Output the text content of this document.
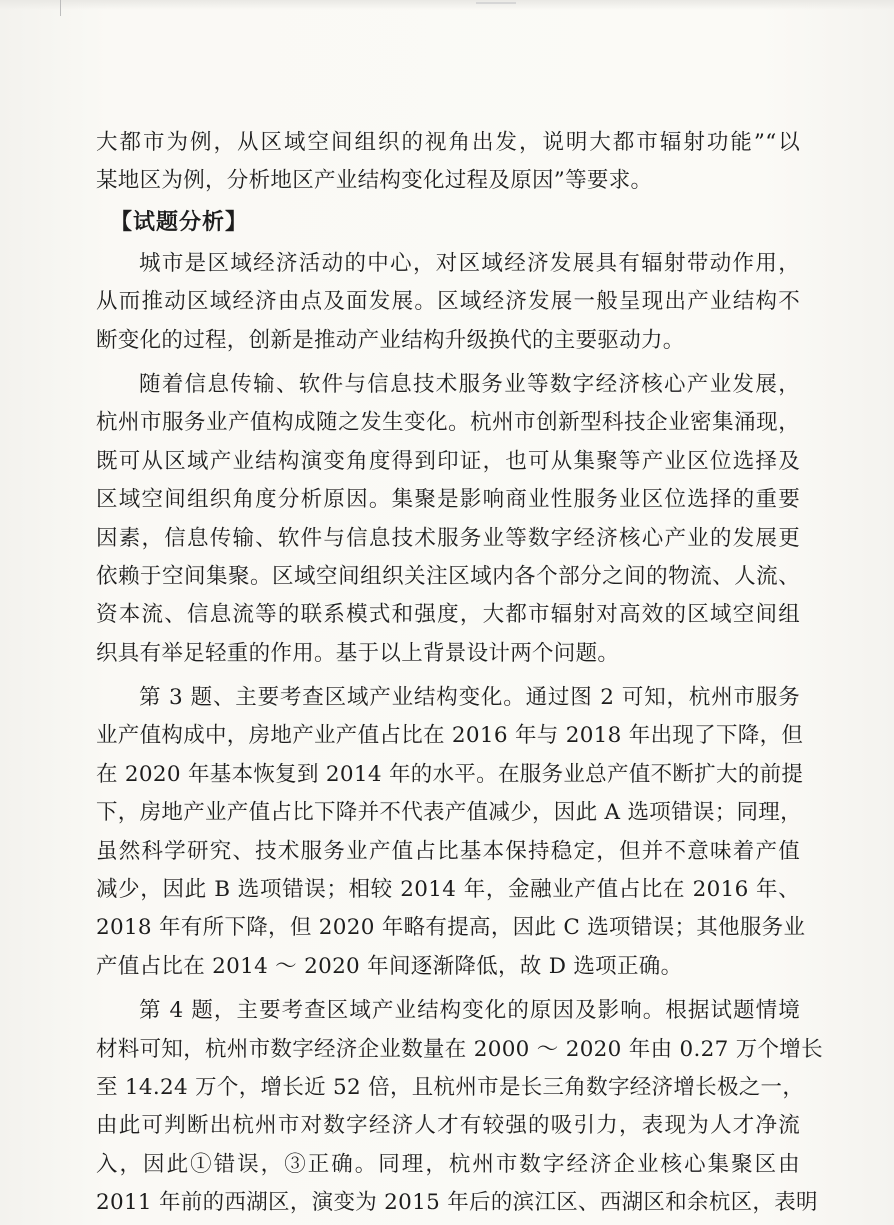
大都市为例，从区域空间组织的视角出发，说明大都市辐射功能”“以
某地区为例，分析地区产业结构变化过程及原因”等要求。
【试题分析】
城市是区域经济活动的中心，对区域经济发展具有辐射带动作用，
从而推动区域经济由点及面发展。区域经济发展一般呈现出产业结构不
断变化的过程，创新是推动产业结构升级换代的主要驱动力。
随着信息传输、软件与信息技术服务业等数字经济核心产业发展，
杭州市服务业产值构成随之发生变化。杭州市创新型科技企业密集涌现，
既可从区域产业结构演变角度得到印证，也可从集聚等产业区位选择及
区域空间组织角度分析原因。集聚是影响商业性服务业区位选择的重要
因素，信息传输、软件与信息技术服务业等数字经济核心产业的发展更
依赖于空间集聚。区域空间组织关注区域内各个部分之间的物流、人流、
资本流、信息流等的联系模式和强度，大都市辐射对高效的区域空间组
织具有举足轻重的作用。基于以上背景设计两个问题。
第 3 题、主要考查区域产业结构变化。通过图 2 可知，杭州市服务
业产值构成中，房地产业产值占比在 2016 年与 2018 年出现了下降，但
在 2020 年基本恢复到 2014 年的水平。在服务业总产值不断扩大的前提
下，房地产业产值占比下降并不代表产值减少，因此 A 选项错误；同理，
虽然科学研究、技术服务业产值占比基本保持稳定，但并不意味着产值
减少，因此 B 选项错误；相较 2014 年，金融业产值占比在 2016 年、
2018 年有所下降，但 2020 年略有提高，因此 C 选项错误；其他服务业
产值占比在 2014 ～ 2020 年间逐渐降低，故 D 选项正确。
第 4 题，主要考查区域产业结构变化的原因及影响。根据试题情境
材料可知，杭州市数字经济企业数量在 2000 ～ 2020 年由 0.27 万个增长
至 14.24 万个，增长近 52 倍，且杭州市是长三角数字经济增长极之一，
由此可判断出杭州市对数字经济人才有较强的吸引力，表现为人才净流
入，因此①错误，③正确。同理，杭州市数字经济企业核心集聚区由
2011 年前的西湖区，演变为 2015 年后的滨江区、西湖区和余杭区，表明
